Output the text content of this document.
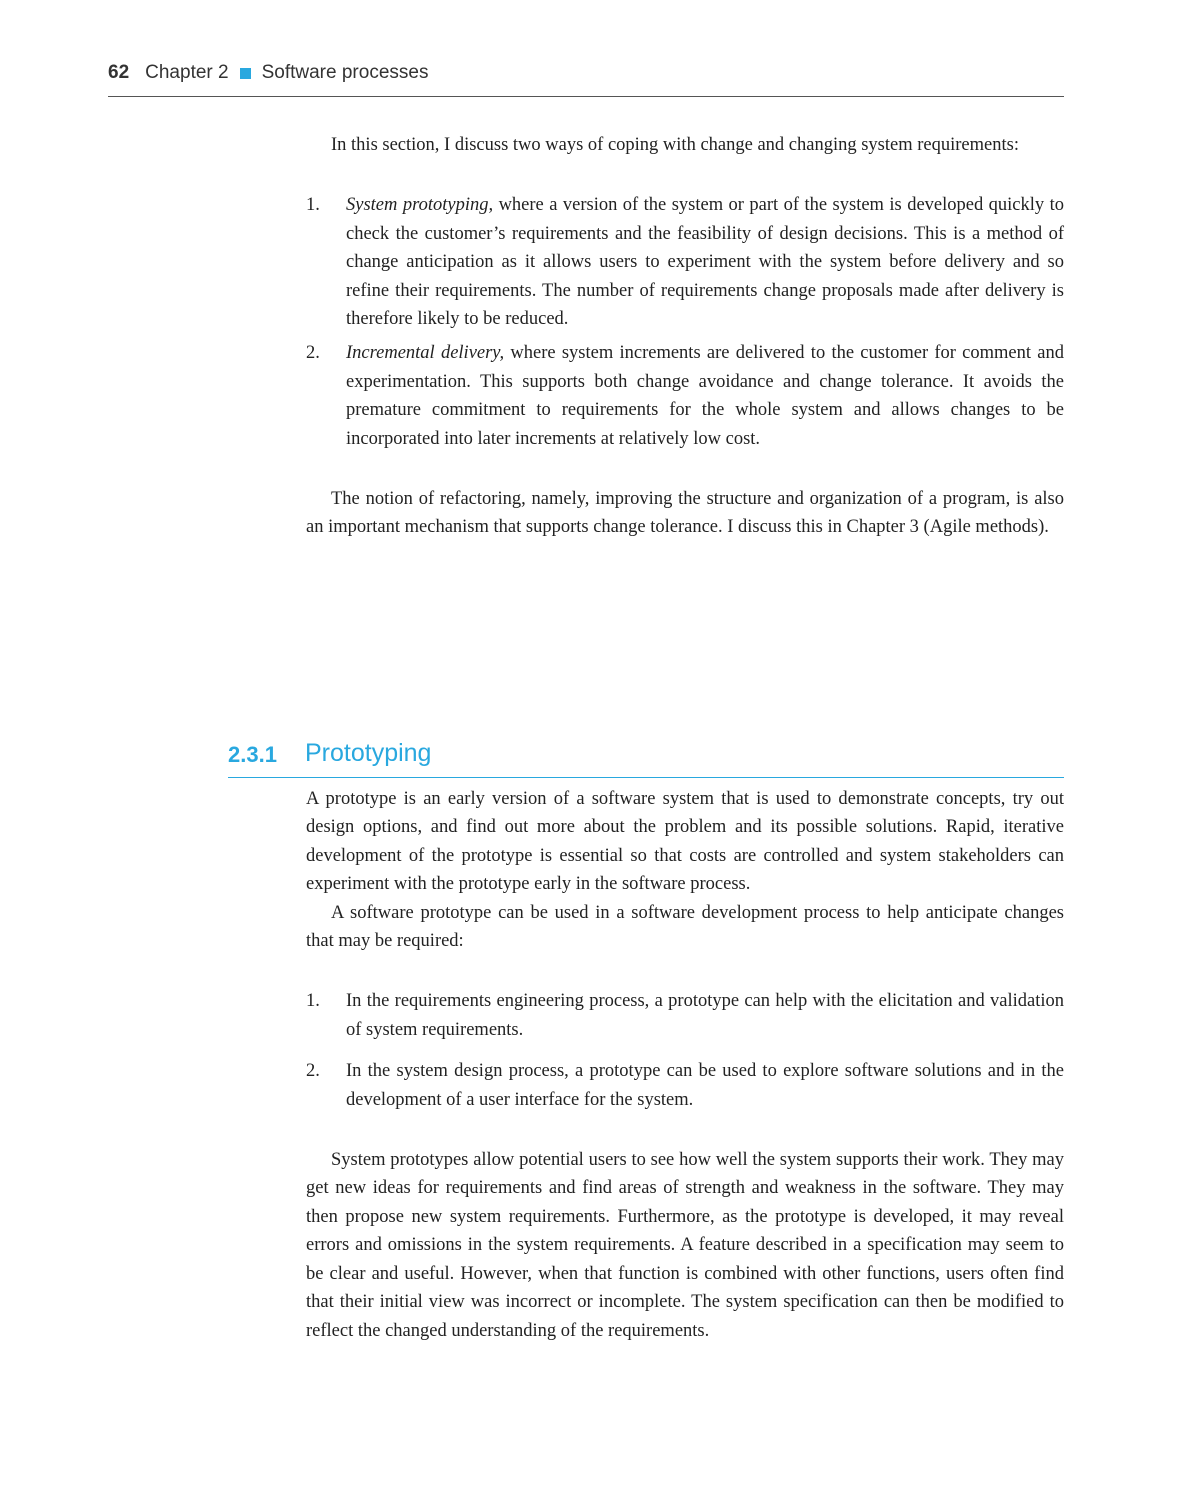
62 Chapter 2 Software processes

In this section, I discuss two ways of coping with change and changing system requirements:

1. System prototyping, where a version of the system or part of the system is developed quickly to check the customer’s requirements and the feasibility of design decisions. This is a method of change anticipation as it allows users to experiment with the system before delivery and so refine their requirements. The number of requirements change proposals made after delivery is therefore likely to be reduced.
2. Incremental delivery, where system increments are delivered to the customer for comment and experimentation. This supports both change avoidance and change tolerance. It avoids the premature commitment to requirements for the whole system and allows changes to be incorporated into later increments at relatively low cost.

The notion of refactoring, namely, improving the structure and organization of a program, is also an important mechanism that supports change tolerance. I discuss this in Chapter 3 (Agile methods).

2.3.1 Prototyping

A prototype is an early version of a software system that is used to demonstrate concepts, try out design options, and find out more about the problem and its possible solutions. Rapid, iterative development of the prototype is essential so that costs are controlled and system stakeholders can experiment with the prototype early in the software process.

A software prototype can be used in a software development process to help anticipate changes that may be required:

1. In the requirements engineering process, a prototype can help with the elicitation and validation of system requirements.
2. In the system design process, a prototype can be used to explore software solutions and in the development of a user interface for the system.

System prototypes allow potential users to see how well the system supports their work. They may get new ideas for requirements and find areas of strength and weakness in the software. They may then propose new system requirements. Furthermore, as the prototype is developed, it may reveal errors and omissions in the system requirements. A feature described in a specification may seem to be clear and useful. However, when that function is combined with other functions, users often find that their initial view was incorrect or incomplete. The system specification can then be modified to reflect the changed understanding of the requirements.
